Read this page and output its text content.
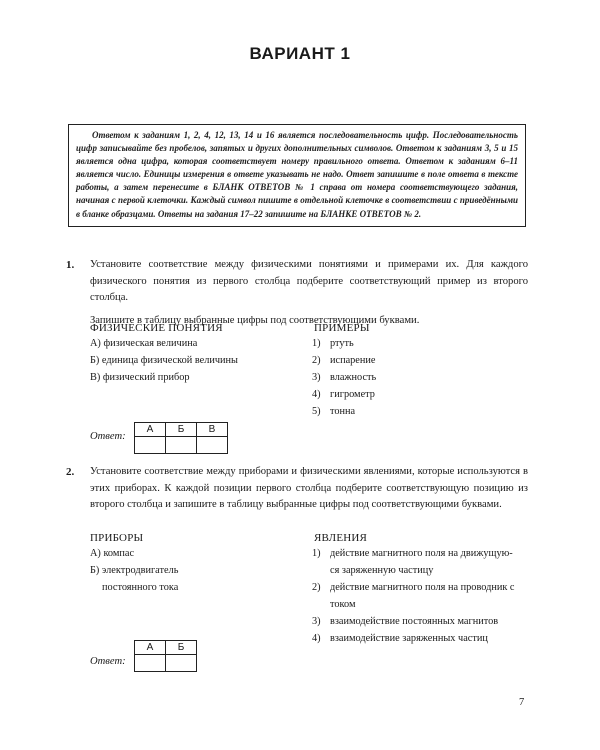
ВАРИАНТ 1

Ответом к заданиям 1, 2, 4, 12, 13, 14 и 16 является последовательность цифр. Последовательность цифр записывайте без пробелов, запятых и других дополнительных символов. Ответом к заданиям 3, 5 и 15 является одна цифра, которая соответствует номеру правильного ответа. Ответом к заданиям 6–11 является число. Единицы измерения в ответе указывать не надо. Ответ запишите в поле ответа в тексте работы, а затем перенесите в БЛАНК ОТВЕТОВ № 1 справа от номера соответствующего задания, начиная с первой клеточки. Каждый символ пишите в отдельной клеточке в соответствии с приведёнными в бланке образцами. Ответы на задания 17–22 запишите на БЛАНКЕ ОТВЕТОВ № 2.

1. Установите соответствие между физическими понятиями и примерами их. Для каждого физического понятия из первого столбца подберите соответствующий пример из второго столбца.

Запишите в таблицу выбранные цифры под соответствующими буквами.

ФИЗИЧЕСКИЕ ПОНЯТИЯ
А) физическая величина
Б) единица физической величины
В) физический прибор
ПРИМЕРЫ
1) ртуть
2) испарение
3) влажность
4) гигрометр
5) тонна
Ответ:
А	Б	В

2. Установите соответствие между приборами и физическими явлениями, которые используются в этих приборах. К каждой позиции первого столбца подберите соответствующую позицию из второго столбца и запишите в таблицу выбранные цифры под соответствующими буквами.

ПРИБОРЫ
А) компас
Б) электродвигатель
постоянного тока
ЯВЛЕНИЯ
1) действие магнитного поля на движущую-
ся заряженную частицу
2) действие магнитного поля на проводник с
током
3) взаимодействие постоянных магнитов
4) взаимодействие заряженных частиц
Ответ:
А	Б

7
